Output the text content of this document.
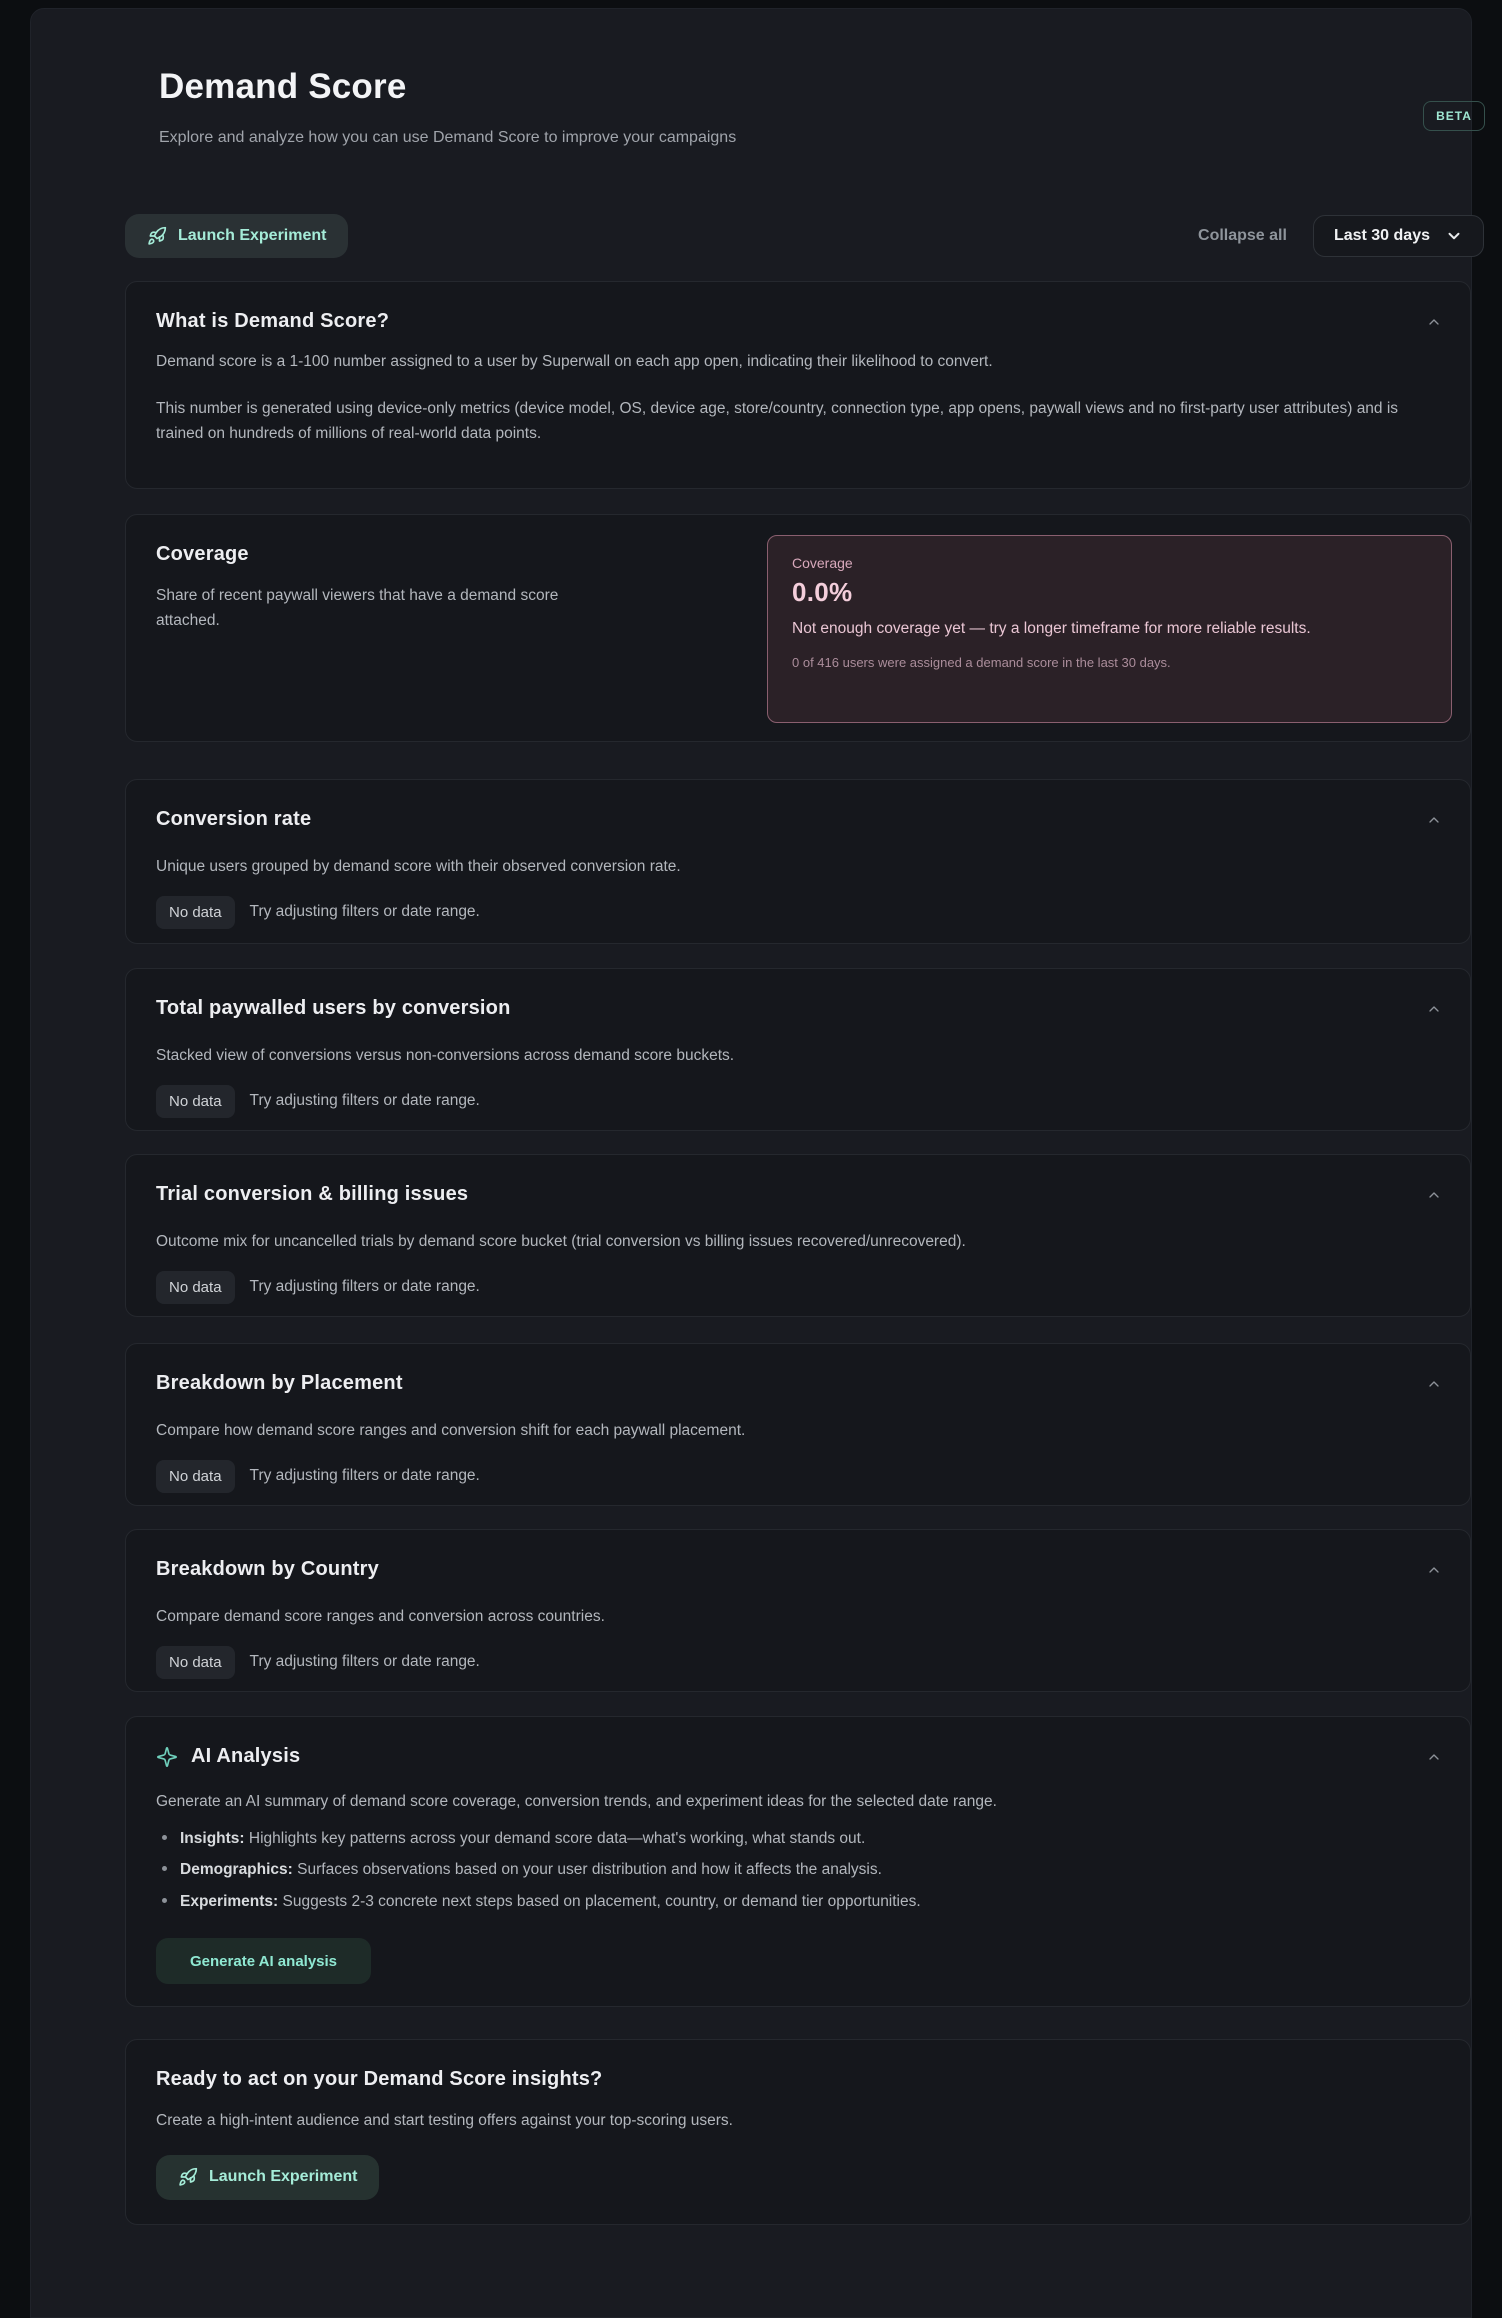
Demand Score
Explore and analyze how you can use Demand Score to improve your campaigns
BETA
Launch Experiment	Collapse all	Last 30 days
What is Demand Score?

Demand score is a 1-100 number assigned to a user by Superwall on each app open, indicating their likelihood to convert.

This number is generated using device-only metrics (device model, OS, device age, store/country, connection type, app opens, paywall views and no first-party user attributes) and is trained on hundreds of millions of real-world data points.

Coverage

Share of recent paywall viewers that have a demand score attached.

Coverage
0.0%
Not enough coverage yet — try a longer timeframe for more reliable results.
0 of 416 users were assigned a demand score in the last 30 days.
Conversion rate

Unique users grouped by demand score with their observed conversion rate.

No data	Try adjusting filters or date range.
Total paywalled users by conversion

Stacked view of conversions versus non-conversions across demand score buckets.

No data	Try adjusting filters or date range.
Trial conversion & billing issues

Outcome mix for uncancelled trials by demand score bucket (trial conversion vs billing issues recovered/unrecovered).

No data	Try adjusting filters or date range.
Breakdown by Placement

Compare how demand score ranges and conversion shift for each paywall placement.

No data	Try adjusting filters or date range.
Breakdown by Country

Compare demand score ranges and conversion across countries.

No data	Try adjusting filters or date range.
AI Analysis

Generate an AI summary of demand score coverage, conversion trends, and experiment ideas for the selected date range.

Insights: Highlights key patterns across your demand score data—what's working, what stands out.
Demographics: Surfaces observations based on your user distribution and how it affects the analysis.
Experiments: Suggests 2-3 concrete next steps based on placement, country, or demand tier opportunities.
Generate AI analysis
Ready to act on your Demand Score insights?

Create a high-intent audience and start testing offers against your top-scoring users.

Launch Experiment
